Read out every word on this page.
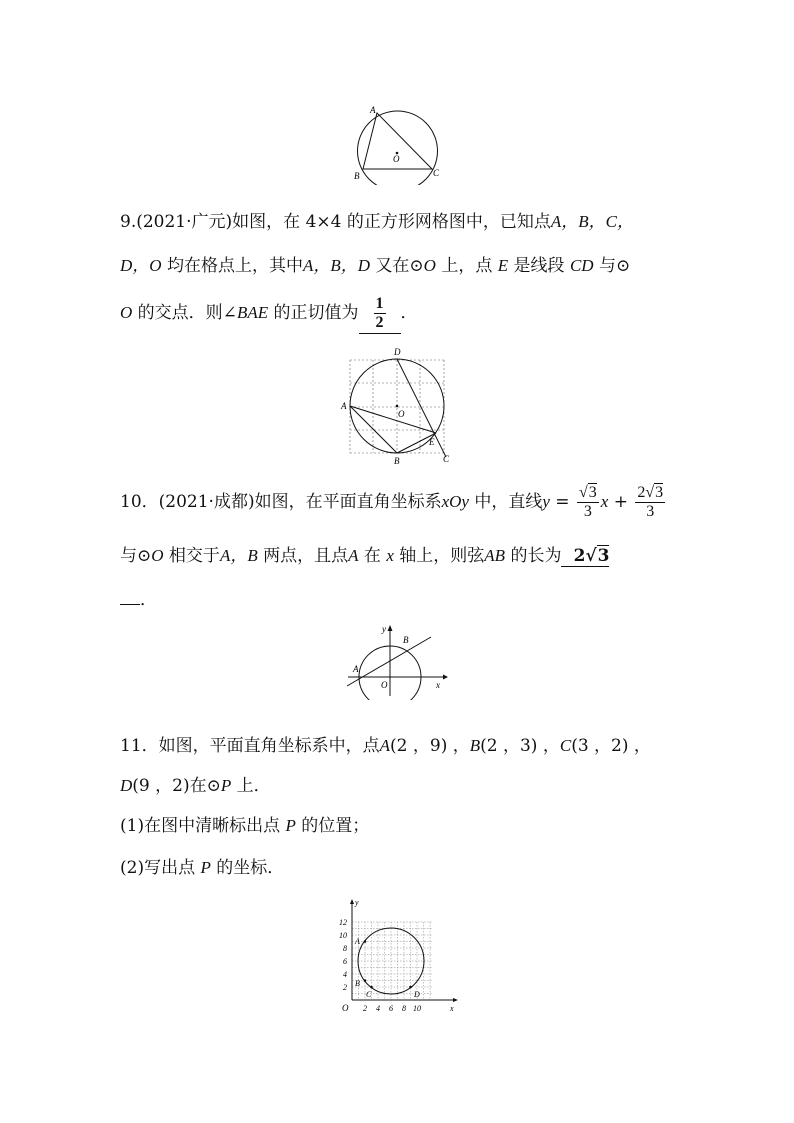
A
B	C
O
9.(2021·广元)如图，在 4×4 的正方形网格图中，已知点A，B，C，
D，O 均在格点上，其中A，B，D 又在⊙O 上，点 E 是线段 CD 与⊙
O 的交点．则∠BAE 的正切值为 $\frac{1}{2}$ ．
D
A
O
E
B	C
10．(2021·成都)如图，在平面直角坐标系xOy 中，直线$y = \frac{√3}{3}$ $x + \frac{2√3}{3}$
与⊙O 相交于A，B 两点，且点A 在 x 轴上，则弦AB 的长为 2√3
．
y
B
A
O	x
11．如图，平面直角坐标系中，点A(2 ，9) ，B(2 ，3) ，C(3 ，2) ，
D(9 ，2)在⊙P 上．
(1)在图中清晰标出点 P 的位置；
(2)写出点 P 的坐标．
12
10
8
6
4
2
2 4 6 8 10
y
x
O
A
B
C	D
